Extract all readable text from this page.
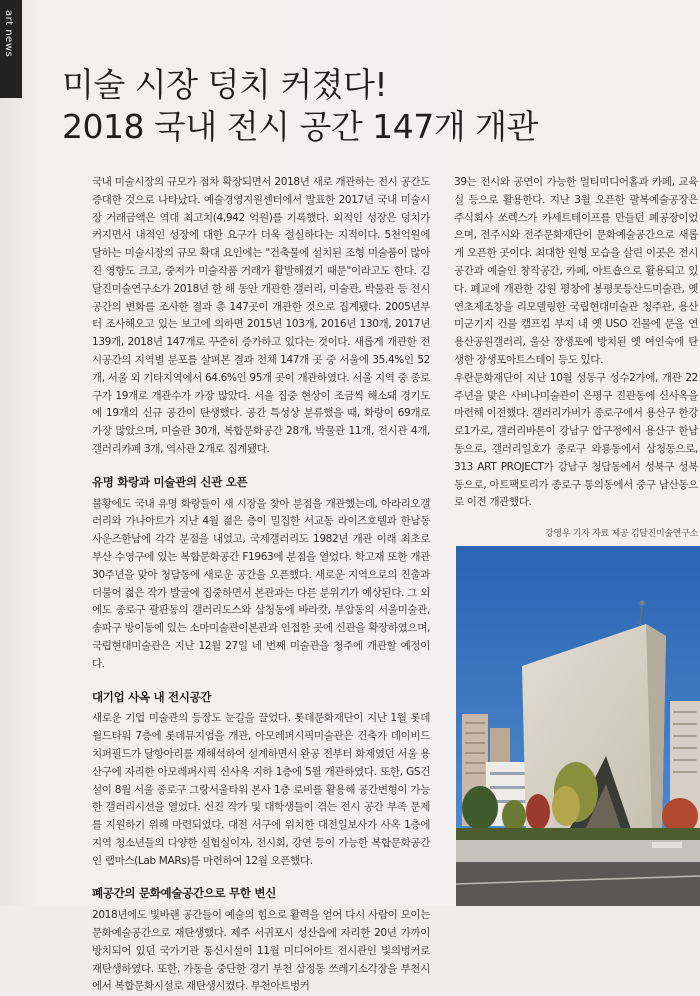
art news
미술 시장 덩치 커졌다!
2018 국내 전시 공간 147개 개관

국내 미술시장의 규모가 점차 확장되면서 2018년 새로 개관하는 전시 공간도 증대한 것으로 나타났다. 예술경영지원센터에서 발표한 2017년 국내 미술시장 거래금액은 역대 최고치(4,942 억원)를 기록했다. 외적인 성장은 덩치가 커지면서 내적인 성장에 대한 요구가 더욱 절실하다는 지적이다. 5천억원에 달하는 미술시장의 규모 확대 요인에는 "건축물에 설치된 조형 미술품이 많아진 영향도 크고, 중저가 미술작품 거래가 활발해졌기 때문"이라고도 한다. 김달진미술연구소가 2018년 한 해 동안 개관한 갤러리, 미술관, 박물관 등 전시공간의 변화를 조사한 결과 총 147곳이 개관한 것으로 집계됐다. 2005년부터 조사해오고 있는 보고에 의하면 2015년 103개, 2016년 130개, 2017년 139개, 2018년 147개로 꾸준히 증가하고 있다는 것이다. 새롭게 개관한 전시공간의 지역별 분포를 살펴본 결과 전체 147개 곳 중 서울에 35.4%인 52개, 서울 외 기타지역에서 64.6%인 95개 곳이 개관하였다. 서울 지역 중 종로구가 19개로 개관수가 가장 많았다. 서울 집중 현상이 조금씩 해소돼 경기도에 19개의 신규 공간이 탄생했다. 공간 특성상 분류했을 때, 화랑이 69개로 가장 많았으며, 미술관 30개, 복합문화공간 28개, 박물관 11개, 전시관 4개, 갤러리카페 3개, 역사관 2개로 집계됐다.

유명 화랑과 미술관의 신관 오픈

불황에도 국내 유명 화랑들이 새 시장을 찾아 분점을 개관했는데, 아라리오갤러리와 가나아트가 지난 4월 젊은 층이 밀집한 서교동 라이즈호텔과 한남동 사운즈한남에 각각 분점을 내었고, 국제갤러리도 1982년 개관 이래 최초로 부산 수영구에 있는 복합문화공간 F1963에 분점을 열었다. 학고재 또한 개관 30주년을 맞아 청담동에 새로운 공간을 오픈했다. 새로운 지역으로의 진출과 더불어 젊은 작가 발굴에 집중하면서 본관과는 다른 분위기가 예상된다. 그 외에도 종로구 팔판동의 갤러리도스와 삼청동에 바라캇, 부암동의 서울미술관, 송파구 방이동에 있는 소마미술관이본관과 인접한 곳에 신관을 확장하였으며, 국립현대미술관은 지난 12월 27일 네 번째 미술관을 청주에 개관할 예정이다.

대기업 사옥 내 전시공간

새로운 기업 미술관의 등장도 눈길을 끌었다. 롯데문화재단이 지난 1월 롯데월드타워 7층에 롯데뮤지엄을 개관, 아모레퍼시픽미술관은 건축가 데이비드 치퍼필드가 달항아리를 재해석하여 설계하면서 완공 전부터 화제였던 서울 용산구에 자리한 아모레퍼시픽 신사옥 지하 1층에 5월 개관하였다. 또한, GS건설이 8월 서울 종로구 그랑서울타워 본사 1층 로비를 활용해 공간변형이 가능한 갤러리시선을 열었다. 신진 작가 및 대학생들이 겪는 전시 공간 부족 문제를 지원하기 위해 마련되었다. 대전 서구에 위치한 대전일보사가 사옥 1층에 지역 청소년들의 다양한 실험실이자, 전시회, 강연 등이 가능한 복합문화공간인 랩마스(Lab MARs)를 마련하여 12월 오픈했다.

폐공간의 문화예술공간으로 무한 변신

2018년에도 빛바랜 공간들이 예술의 힘으로 활력을 얻어 다시 사람이 모이는 문화예술공간으로 재탄생했다. 제주 서귀포시 성산읍에 자리한 20년 가까이 방치되어 있던 국가기관 통신시설이 11월 미디어아트 전시관인 빛의벙커로 재탄생하였다. 또한, 가동을 중단한 경기 부천 삼정동 쓰레기소각장을 부천시에서 복합문화시설로 재탄생시켰다. 부천아트벙커

39는 전시와 공연이 가능한 멀티미디어홀과 카페, 교육실 등으로 활용한다. 지난 3월 오픈한 팔복예술공장은 주식회사 쏘렉스가 카세트테이프를 만들던 폐공장이었으며, 전주시와 전주문화재단이 문화예술공간으로 새롭게 오픈한 곳이다. 최대한 원형 모습을 살린 이곳은 전시공간과 예술인 창작공간, 카페, 아트숍으로 활용되고 있다. 폐교에 개관한 강원 평창에 봉평못등산드미술관, 옛 연초제조창을 리모델링한 국립현대미술관 청주관, 용산 미군기지 건물 캠프킴 부지 내 옛 USO 건물에 문을 연 용산공원갤러리, 울산 장생포에 방치된 옛 여인숙에 탄생한 장생포아트스테이 등도 있다.

우란문화재단이 지난 10월 성동구 성수2가에, 개관 22주년을 맞은 사비나미술관이 은평구 진관동에 신사옥을 마련해 이전했다. 갤러리가비가 종로구에서 용산구 한강로1가로, 갤러리바톤이 강남구 압구정에서 용산구 한남동으로, 갤러리일호가 종로구 와룡동에서 삼청동으로, 313 ART PROJECT가 강남구 청담동에서 성북구 성북동으로, 아트팩토리가 종로구 통의동에서 중구 남산동으로 이전 개관했다.

강영우 기자 자료 제공 김달진미술연구소
